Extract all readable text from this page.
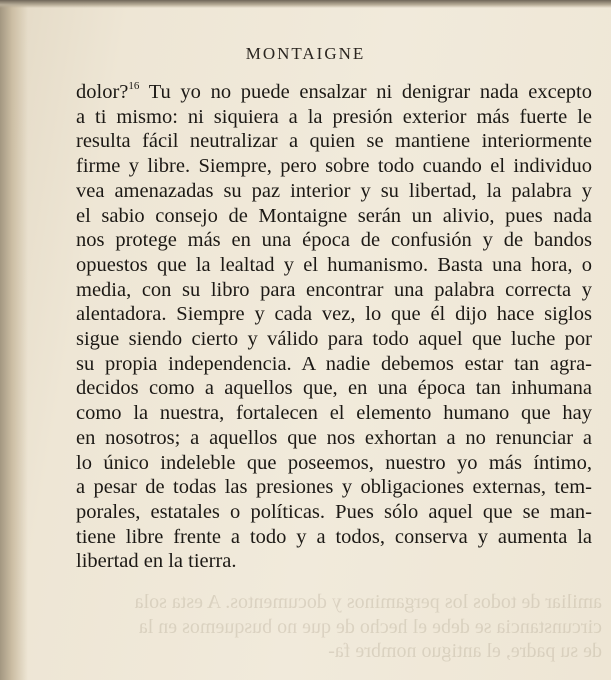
MONTAIGNE
amiliar de todos los pergaminos y documentos. A esta sola
circunstancia se debe el hecho de que no busquemos en la
de su padre, el antiguo nombre fa-
dolor?$^{16}$ Tu yo no puede ensalzar ni denigrar nada excepto
a ti mismo: ni siquiera a la presión exterior más fuerte le
resulta fácil neutralizar a quien se mantiene interiormente
firme y libre. Siempre, pero sobre todo cuando el individuo
vea amenazadas su paz interior y su libertad, la palabra y
el sabio consejo de Montaigne serán un alivio, pues nada
nos protege más en una época de confusión y de bandos
opuestos que la lealtad y el humanismo. Basta una hora, o
media, con su libro para encontrar una palabra correcta y
alentadora. Siempre y cada vez, lo que él dijo hace siglos
sigue siendo cierto y válido para todo aquel que luche por
su propia independencia. A nadie debemos estar tan agra-
decidos como a aquellos que, en una época tan inhumana
como la nuestra, fortalecen el elemento humano que hay
en nosotros; a aquellos que nos exhortan a no renunciar a
lo único indeleble que poseemos, nuestro yo más íntimo,
a pesar de todas las presiones y obligaciones externas, tem-
porales, estatales o políticas. Pues sólo aquel que se man-
tiene libre frente a todo y a todos, conserva y aumenta la
libertad en la tierra.
